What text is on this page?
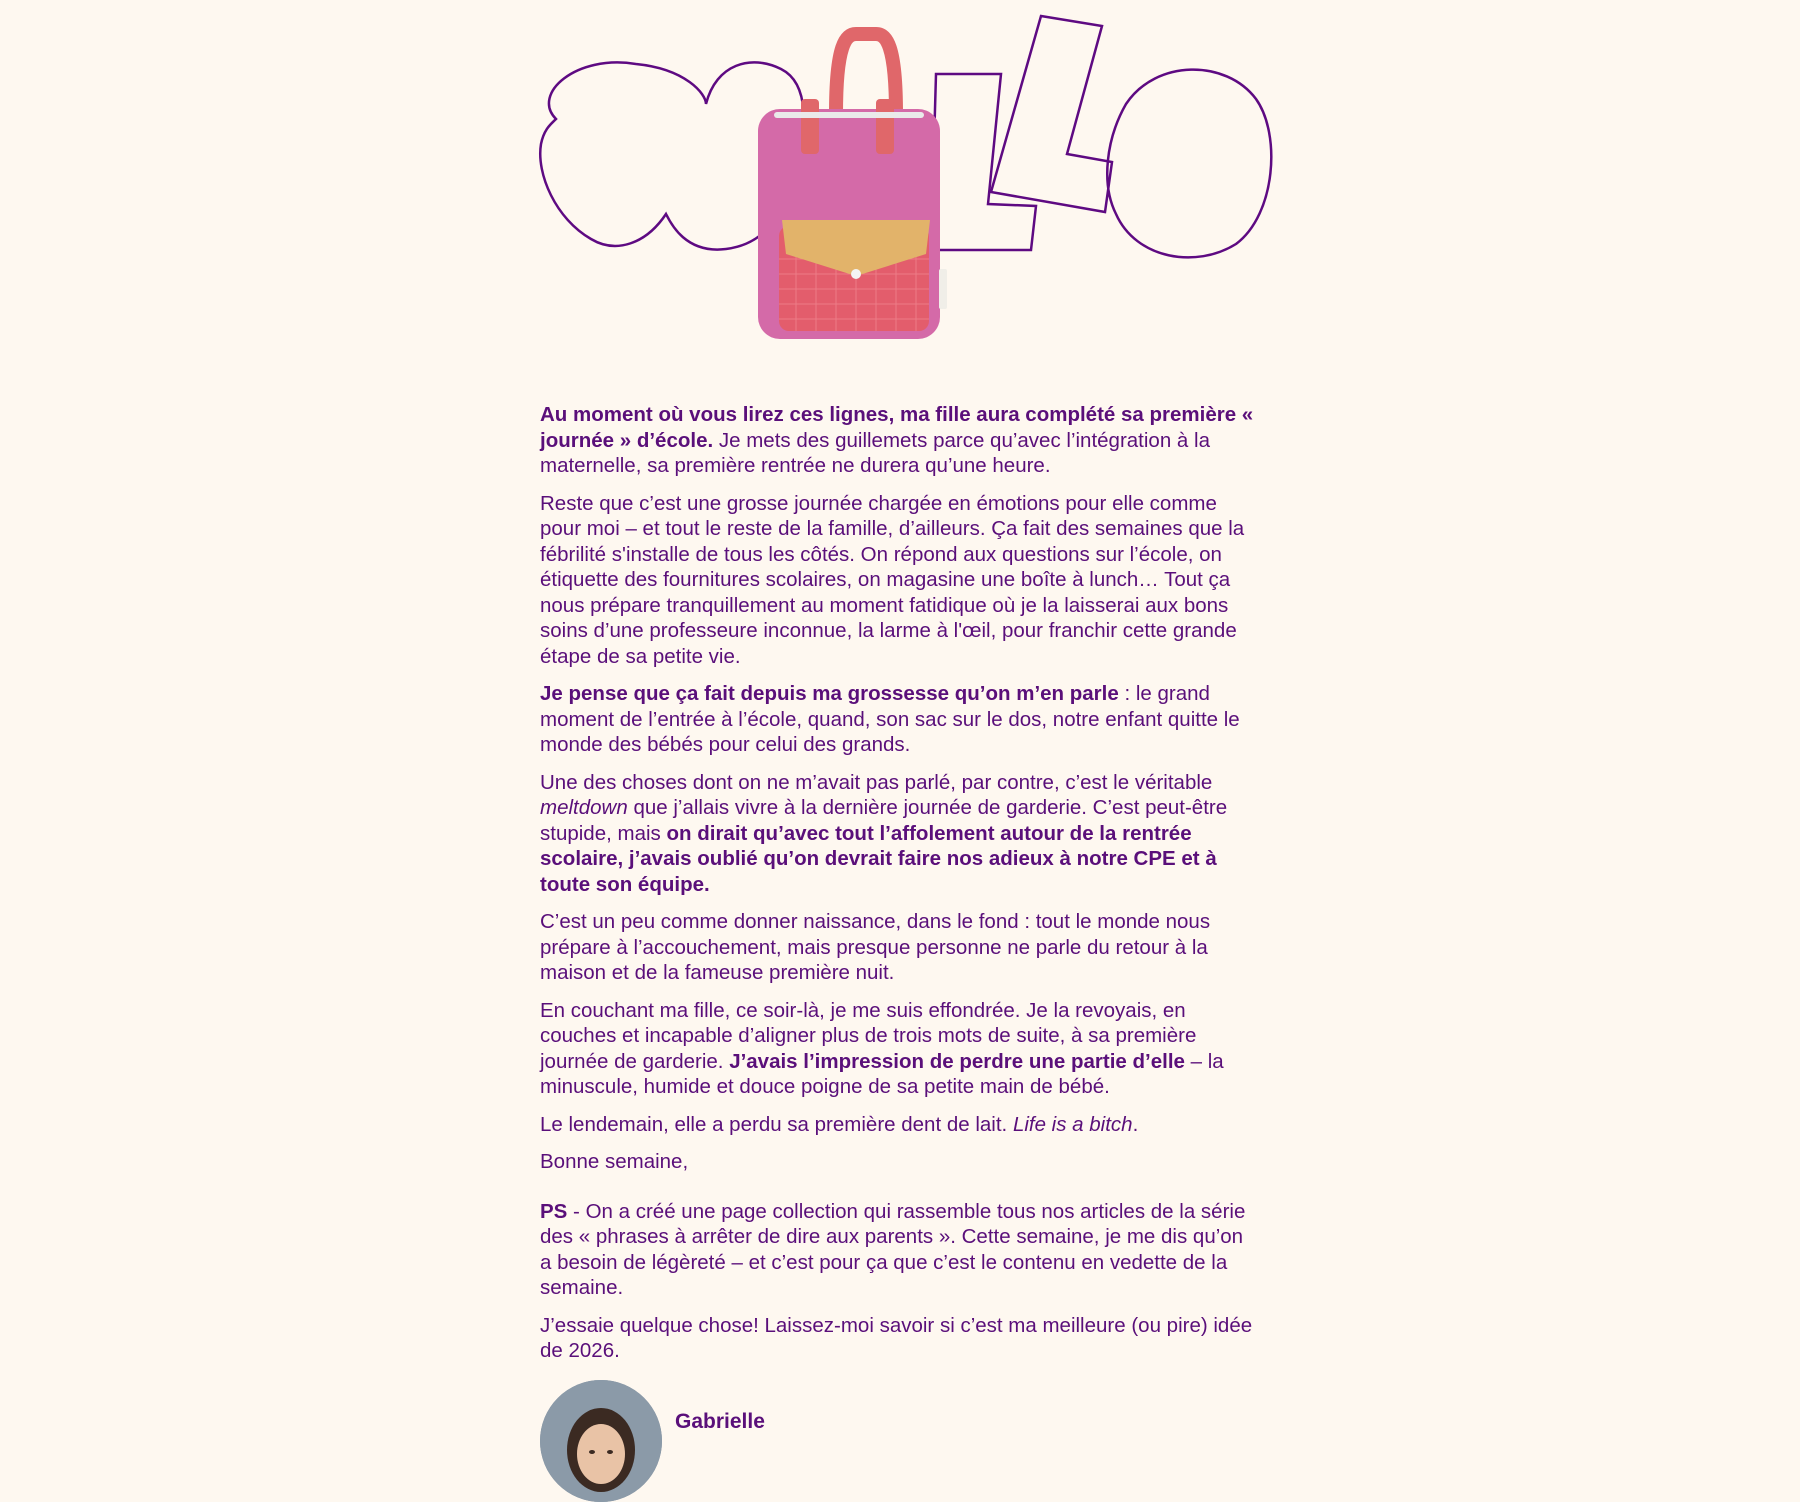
Au moment où vous lirez ces lignes, ma fille aura complété sa première « journée » d’école. Je mets des guillemets parce qu’avec l’intégration à la maternelle, sa première rentrée ne durera qu’une heure.

Reste que c’est une grosse journée chargée en émotions pour elle comme pour moi – et tout le reste de la famille, d’ailleurs. Ça fait des semaines que la fébrilité s'installe de tous les côtés. On répond aux questions sur l’école, on étiquette des fournitures scolaires, on magasine une boîte à lunch… Tout ça nous prépare tranquillement au moment fatidique où je la laisserai aux bons soins d’une professeure inconnue, la larme à l'œil, pour franchir cette grande étape de sa petite vie.

Je pense que ça fait depuis ma grossesse qu’on m’en parle : le grand moment de l’entrée à l’école, quand, son sac sur le dos, notre enfant quitte le monde des bébés pour celui des grands.

Une des choses dont on ne m’avait pas parlé, par contre, c’est le véritable meltdown que j’allais vivre à la dernière journée de garderie. C’est peut-être stupide, mais on dirait qu’avec tout l’affolement autour de la rentrée scolaire, j’avais oublié qu’on devrait faire nos adieux à notre CPE et à toute son équipe.

C’est un peu comme donner naissance, dans le fond : tout le monde nous prépare à l’accouchement, mais presque personne ne parle du retour à la maison et de la fameuse première nuit.

En couchant ma fille, ce soir-là, je me suis effondrée. Je la revoyais, en couches et incapable d’aligner plus de trois mots de suite, à sa première journée de garderie. J’avais l’impression de perdre une partie d’elle – la minuscule, humide et douce poigne de sa petite main de bébé.

Le lendemain, elle a perdu sa première dent de lait. Life is a bitch.

Bonne semaine,

PS - On a créé une page collection qui rassemble tous nos articles de la série des « phrases à arrêter de dire aux parents ». Cette semaine, je me dis qu’on a besoin de légèreté – et c’est pour ça que c’est le contenu en vedette de la semaine.

J’essaie quelque chose! Laissez-moi savoir si c’est ma meilleure (ou pire) idée de 2026.

Gabrielle
